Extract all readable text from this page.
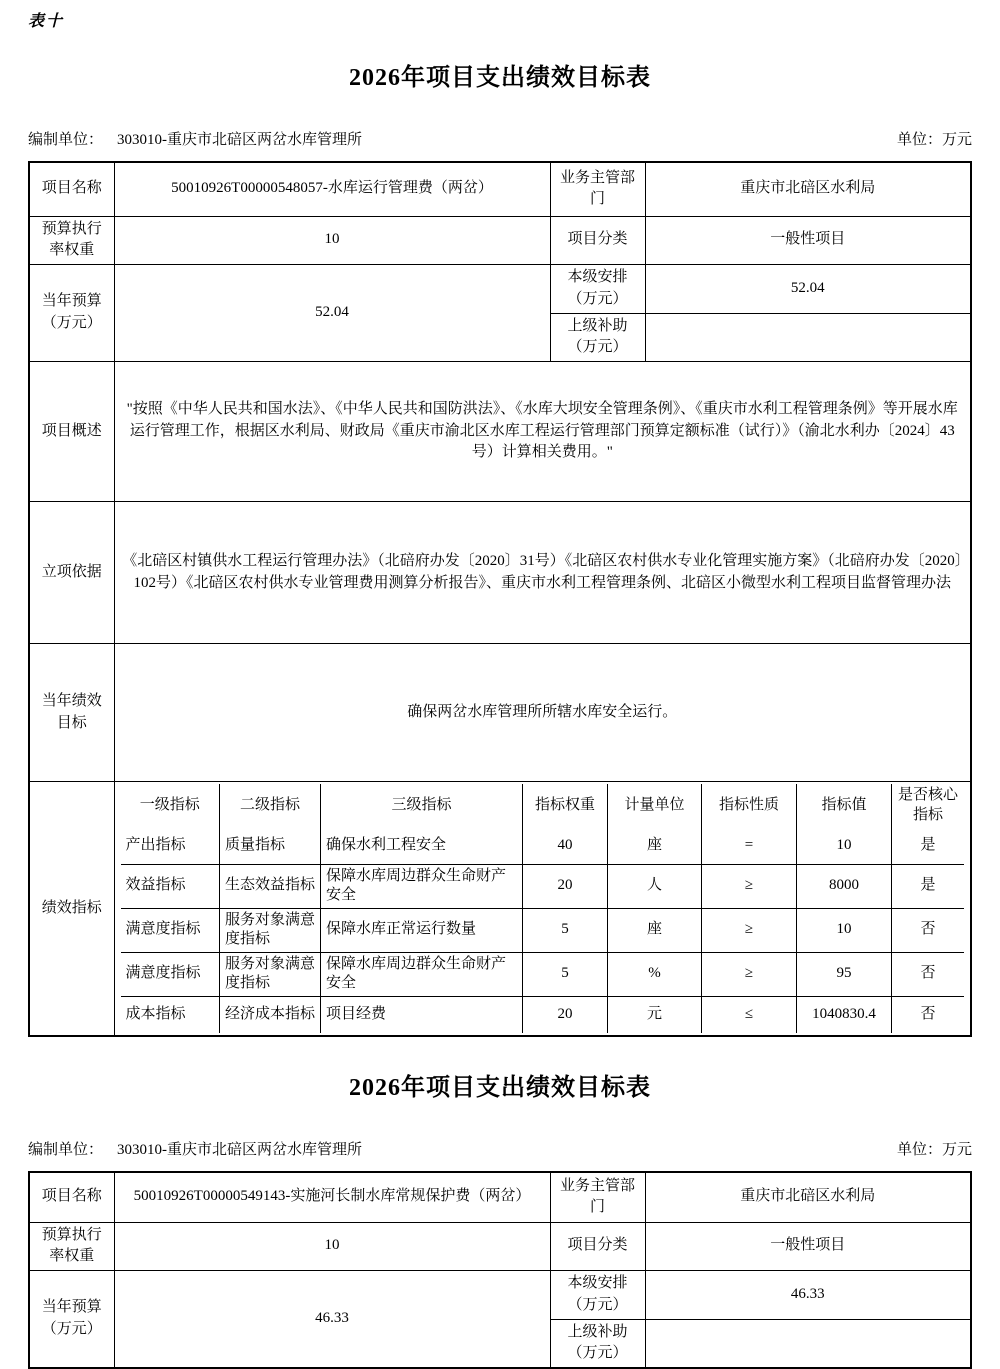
表十
2026年项目支出绩效目标表
编制单位： 303010-重庆市北碚区两岔水库管理所	单位：万元
项目名称	50010926T00000548057-水库运行管理费（两岔）	业务主管部门	重庆市北碚区水利局
预算执行率权重	10	项目分类	一般性项目
当年预算（万元）	52.04	本级安排（万元）	52.04
上级补助（万元）	
项目概述	"按照《中华人民共和国水法》、《中华人民共和国防洪法》、《水库大坝安全管理条例》、《重庆市水利工程管理条例》等开展水库运行管理工作，根据区水利局、财政局《重庆市渝北区水库工程运行管理部门预算定额标准（试行）》（渝北水利办〔2024〕43号）计算相关费用。"
立项依据	《北碚区村镇供水工程运行管理办法》（北碚府办发〔2020〕31号）《北碚区农村供水专业化管理实施方案》（北碚府办发〔2020〕102号）《北碚区农村供水专业管理费用测算分析报告》、重庆市水利工程管理条例、北碚区小微型水利工程项目监督管理办法
当年绩效目标	确保两岔水库管理所所辖水库安全运行。
绩效指标	
一级指标	二级指标	三级指标	指标权重	计量单位	指标性质	指标值	是否核心指标
产出指标	质量指标	确保水利工程安全	40	座	=	10	是
效益指标	生态效益指标	保障水库周边群众生命财产安全	20	人	≥	8000	是
满意度指标	服务对象满意度指标	保障水库正常运行数量	5	座	≥	10	否
满意度指标	服务对象满意度指标	保障水库周边群众生命财产安全	5	%	≥	95	否
成本指标	经济成本指标	项目经费	20	元	≤	1040830.4	否
2026年项目支出绩效目标表
编制单位： 303010-重庆市北碚区两岔水库管理所	单位：万元
项目名称	50010926T00000549143-实施河长制水库常规保护费（两岔）	业务主管部门	重庆市北碚区水利局
预算执行率权重	10	项目分类	一般性项目
当年预算（万元）	46.33	本级安排（万元）	46.33
		上级补助（万元）	
